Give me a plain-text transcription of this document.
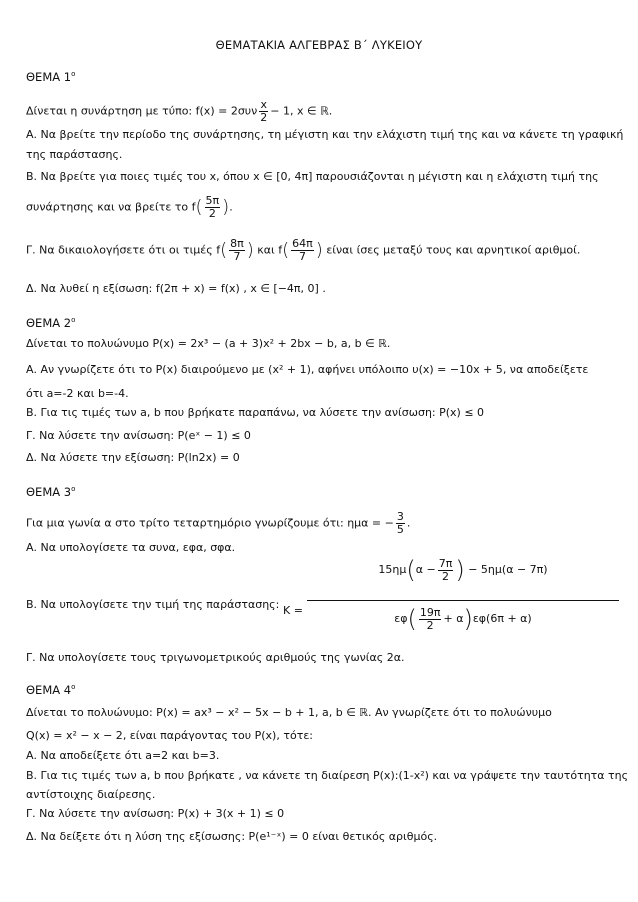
ΘΕΜΑΤΑΚΙΑ ΑΛΓΕΒΡΑΣ Β΄ ΛΥΚΕΙΟΥ
ΘΕΜΑ $1^o$
Δίνεται η συνάρτηση με τύπο: $f(x) = 2\sigma\upsilon\nu \frac{x}{2} - 1$, x ∈ ℝ.
Α. Να βρείτε την περίοδο της συνάρτησης, τη μέγιστη και την ελάχιστη τιμή της και να κάνετε τη γραφική
της παράστασης.
Β. Να βρείτε για ποιες τιμές του x, όπου x ∈ [0, 4π] παρουσιάζονται η μέγιστη και η ελάχιστη τιμή της
συνάρτησης και να βρείτε το $f( \frac{5\pi}{2}$ ).
Γ. Να δικαιολογήσετε ότι οι τιμές $f( \frac{8\pi}{7}$ ) και $f( \frac{64\pi}{7}$ ) είναι ίσες μεταξύ τους και αρνητικοί αριθμοί.
Δ. Να λυθεί η εξίσωση: f(2π + x) = f(x) , x ∈ [−4π, 0] .
ΘΕΜΑ $2^o$
Δίνεται το πολυώνυμο P(x) = 2x³ − (a + 3)x² + 2bx − b, a, b ∈ ℝ.
Α. Αν γνωρίζετε ότι το P(x) διαιρούμενο με (x² + 1), αφήνει υπόλοιπο υ(x) = −10x + 5, να αποδείξετε
ότι a=-2 και b=-4.
Β. Για τις τιμές των a, b που βρήκατε παραπάνω, να λύσετε την ανίσωση: P(x) ≤ 0
Γ. Να λύσετε την ανίσωση: P(eˣ − 1) ≤ 0
Δ. Να λύσετε την εξίσωση: P(ln2x) = 0
ΘΕΜΑ $3^o$
Για μια γωνία α στο τρίτο τεταρτημόριο γνωρίζουμε ότι: ημα = − $\frac{3}{5}$ .
Α. Να υπολογίσετε τα συνα, εφα, σφα.
Β. Να υπολογίσετε την τιμή της παράστασης: Κ =
$15\eta\mu(\alpha - \frac{7\pi}{2}$ ) − 5ημ(α − 7π)
$\varepsilon\varphi( \frac{19\pi}{2} + \alpha)\varepsilon\varphi(6\pi + \alpha)$
Γ. Να υπολογίσετε τους τριγωνομετρικούς αριθμούς της γωνίας 2α.
ΘΕΜΑ $4^o$
Δίνεται το πολυώνυμο: P(x) = ax³ − x² − 5x − b + 1, a, b ∈ ℝ. Αν γνωρίζετε ότι το πολυώνυμο
Q(x) = x² − x − 2, είναι παράγοντας του P(x), τότε:
Α. Να αποδείξετε ότι a=2 και b=3.
Β. Για τις τιμές των a, b που βρήκατε , να κάνετε τη διαίρεση P(x):(1-x²) και να γράψετε την ταυτότητα της
αντίστοιχης διαίρεσης.
Γ. Να λύσετε την ανίσωση: P(x) + 3(x + 1) ≤ 0
Δ. Να δείξετε ότι η λύση της εξίσωσης: P(e¹⁻ˣ) = 0 είναι θετικός αριθμός.
